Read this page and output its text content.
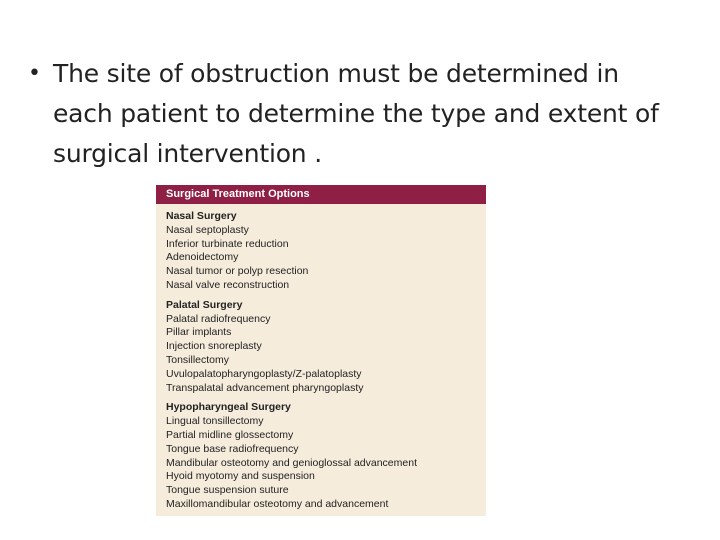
• The site of obstruction must be determined in each patient to determine the type and extent of surgical intervention .
Surgical Treatment Options
Nasal Surgery
Nasal septoplasty
Inferior turbinate reduction
Adenoidectomy
Nasal tumor or polyp resection
Nasal valve reconstruction
Palatal Surgery
Palatal radiofrequency
Pillar implants
Injection snoreplasty
Tonsillectomy
Uvulopalatopharyngoplasty/Z-palatoplasty
Transpalatal advancement pharyngoplasty
Hypopharyngeal Surgery
Lingual tonsillectomy
Partial midline glossectomy
Tongue base radiofrequency
Mandibular osteotomy and genioglossal advancement
Hyoid myotomy and suspension
Tongue suspension suture
Maxillomandibular osteotomy and advancement
